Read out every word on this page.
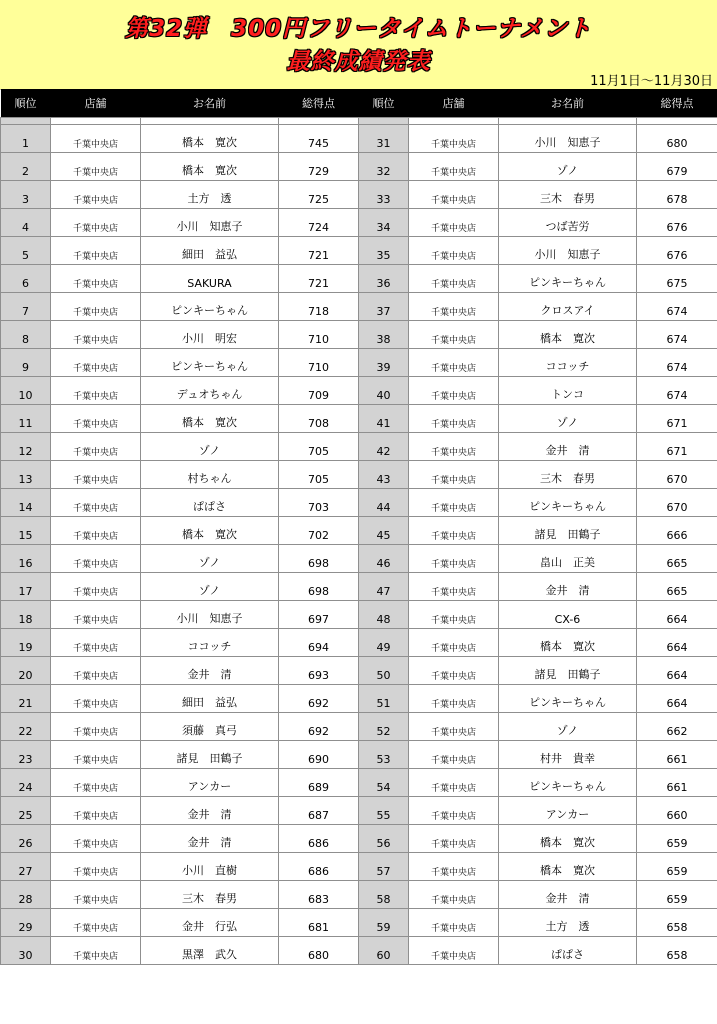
第32弾　300円フリータイムトーナメント
最終成績発表
11月1日～11月30日
順位	店舗	お名前	総得点	順位	店舗	お名前	総得点

1	千葉中央店	橋本　寛次	745	31	千葉中央店	小川　知恵子	680
2	千葉中央店	橋本　寛次	729	32	千葉中央店	ゾノ	679
3	千葉中央店	土方　透	725	33	千葉中央店	三木　春男	678
4	千葉中央店	小川　知恵子	724	34	千葉中央店	つば苦労	676
5	千葉中央店	細田　益弘	721	35	千葉中央店	小川　知恵子	676
6	千葉中央店	SAKURA	721	36	千葉中央店	ピンキーちゃん	675
7	千葉中央店	ピンキーちゃん	718	37	千葉中央店	クロスアイ	674
8	千葉中央店	小川　明宏	710	38	千葉中央店	橋本　寛次	674
9	千葉中央店	ピンキーちゃん	710	39	千葉中央店	ココッチ	674
10	千葉中央店	デュオちゃん	709	40	千葉中央店	トンコ	674
11	千葉中央店	橋本　寛次	708	41	千葉中央店	ゾノ	671
12	千葉中央店	ゾノ	705	42	千葉中央店	金井　清	671
13	千葉中央店	村ちゃん	705	43	千葉中央店	三木　春男	670
14	千葉中央店	ぱぱさ	703	44	千葉中央店	ピンキーちゃん	670
15	千葉中央店	橋本　寛次	702	45	千葉中央店	諸見　田鶴子	666
16	千葉中央店	ゾノ	698	46	千葉中央店	畠山　正美	665
17	千葉中央店	ゾノ	698	47	千葉中央店	金井　清	665
18	千葉中央店	小川　知恵子	697	48	千葉中央店	CX-6	664
19	千葉中央店	ココッチ	694	49	千葉中央店	橋本　寛次	664
20	千葉中央店	金井　清	693	50	千葉中央店	諸見　田鶴子	664
21	千葉中央店	細田　益弘	692	51	千葉中央店	ピンキーちゃん	664
22	千葉中央店	須藤　真弓	692	52	千葉中央店	ゾノ	662
23	千葉中央店	諸見　田鶴子	690	53	千葉中央店	村井　貴幸	661
24	千葉中央店	アンカー	689	54	千葉中央店	ピンキーちゃん	661
25	千葉中央店	金井　清	687	55	千葉中央店	アンカー	660
26	千葉中央店	金井　清	686	56	千葉中央店	橋本　寛次	659
27	千葉中央店	小川　直樹	686	57	千葉中央店	橋本　寛次	659
28	千葉中央店	三木　春男	683	58	千葉中央店	金井　清	659
29	千葉中央店	金井　行弘	681	59	千葉中央店	土方　透	658
30	千葉中央店	黒澤　武久	680	60	千葉中央店	ぱぱさ	658
